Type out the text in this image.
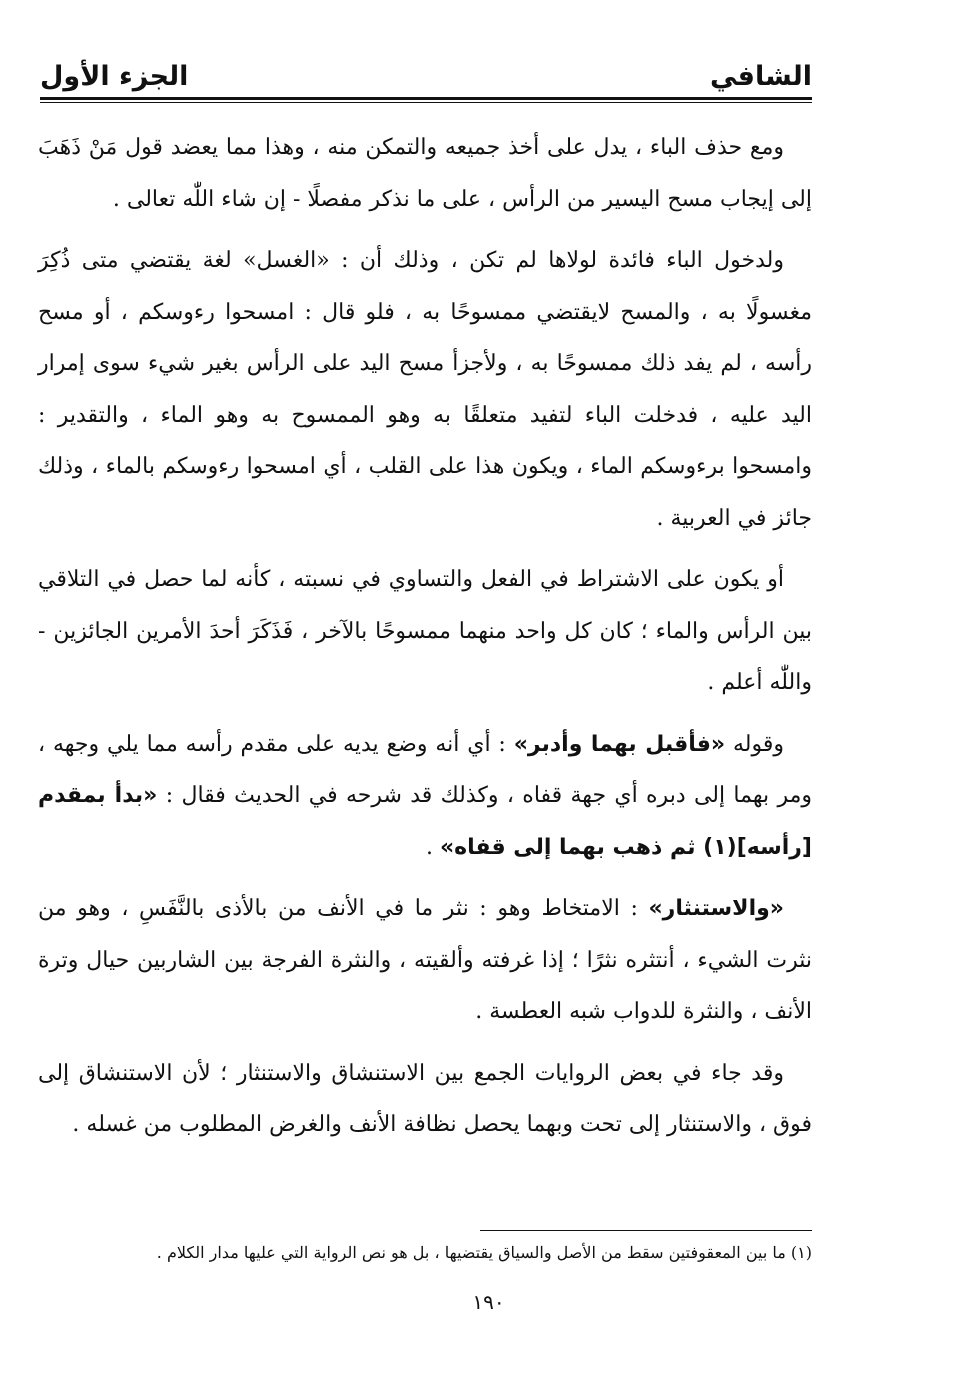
الشافي
الجزء الأول

ومع حذف الباء ، يدل على أخذ جميعه والتمكن منه ، وهذا مما يعضد قول مَنْ ذَهَبَ إلى إيجاب مسح اليسير من الرأس ، على ما نذكر مفصلًا - إن شاء اللّٰه تعالى .

ولدخول الباء فائدة لولاها لم تكن ، وذلك أن : «الغسل» لغة يقتضي متى ذُكِرَ مغسولًا به ، والمسح لايقتضي ممسوحًا به ، فلو قال : امسحوا رءوسكم ، أو مسح رأسه ، لم يفد ذلك ممسوحًا به ، ولأجزأ مسح اليد على الرأس بغير شيء سوى إمرار اليد عليه ، فدخلت الباء لتفيد متعلقًا به وهو الممسوح به وهو الماء ، والتقدير : وامسحوا برءوسكم الماء ، ويكون هذا على القلب ، أي امسحوا رءوسكم بالماء ، وذلك جائز في العربية .

أو يكون على الاشتراط في الفعل والتساوي في نسبته ، كأنه لما حصل في التلاقي بين الرأس والماء ؛ كان كل واحد منهما ممسوحًا بالآخر ، فَذَكَرَ أحدَ الأمرين الجائزين - واللّٰه أعلم .

وقوله «فأقبل بهما وأدبر» : أي أنه وضع يديه على مقدم رأسه مما يلي وجهه ، ومر بهما إلى دبره أي جهة قفاه ، وكذلك قد شرحه في الحديث فقال : «بدأ بمقدم [رأسه](١) ثم ذهب بهما إلى قفاه» .

«والاستنثار» : الامتخاط وهو : نثر ما في الأنف من بالأذى بالنَّفَسِ ، وهو من نثرت الشيء ، أنتثره نثرًا ؛ إذا غرفته وألقيته ، والنثرة الفرجة بين الشاربين حيال وترة الأنف ، والنثرة للدواب شبه العطسة .

وقد جاء في بعض الروايات الجمع بين الاستنشاق والاستنثار ؛ لأن الاستنشاق إلى فوق ، والاستنثار إلى تحت وبهما يحصل نظافة الأنف والغرض المطلوب من غسله .

(١) ما بين المعقوفتين سقط من الأصل والسياق يقتضيها ، بل هو نص الرواية التي عليها مدار الكلام .
١٩٠
